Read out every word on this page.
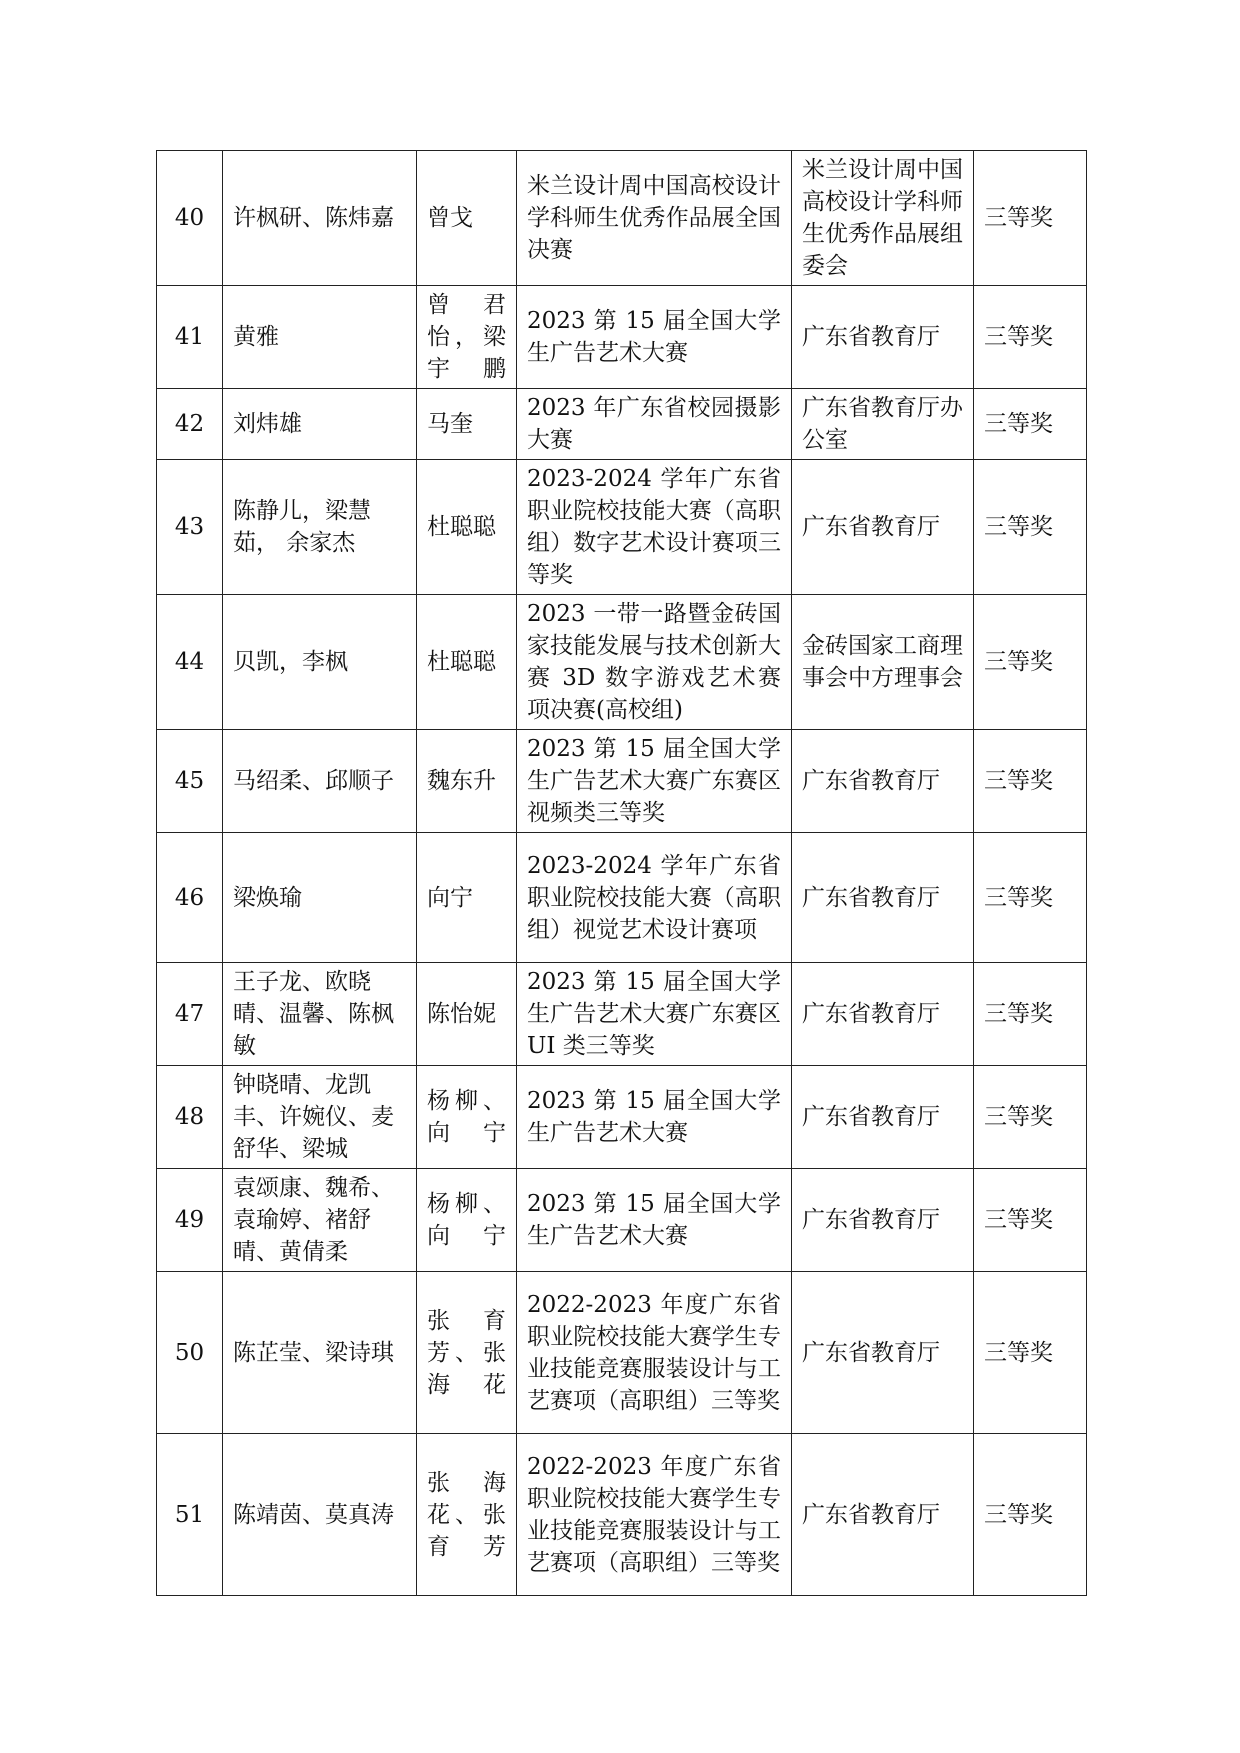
40	许枫研、陈炜嘉	曾戈	米兰设计周中国高校设计学科师生优秀作品展全国决赛	米兰设计周中国高校设计学科师生优秀作品展组委会	三等奖
41	黄雅	曾君怡，梁宇鹏	2023 第 15 届全国大学生广告艺术大赛	广东省教育厅	三等奖
42	刘炜雄	马奎	2023 年广东省校园摄影大赛	广东省教育厅办公室	三等奖
43	陈静儿，梁慧茹， 余家杰	杜聪聪	2023-2024 学年广东省职业院校技能大赛（高职组）数字艺术设计赛项三等奖	广东省教育厅	三等奖
44	贝凯，李枫	杜聪聪	2023 一带一路暨金砖国家技能发展与技术创新大赛 3D 数字游戏艺术赛项决赛(高校组)	金砖国家工商理事会中方理事会	三等奖
45	马绍柔、邱顺子	魏东升	2023 第 15 届全国大学生广告艺术大赛广东赛区视频类三等奖	广东省教育厅	三等奖
46	梁焕瑜	向宁	2023-2024 学年广东省职业院校技能大赛（高职组）视觉艺术设计赛项	广东省教育厅	三等奖
47	王子龙、欧晓晴、温馨、陈枫敏	陈怡妮	2023 第 15 届全国大学生广告艺术大赛广东赛区 UI 类三等奖	广东省教育厅	三等奖
48	钟晓晴、龙凯丰、许婉仪、麦舒华、梁城	杨柳、向宁	2023 第 15 届全国大学生广告艺术大赛	广东省教育厅	三等奖
49	袁颂康、魏希、袁瑜婷、褚舒晴、黄倩柔	杨柳、向宁	2023 第 15 届全国大学生广告艺术大赛	广东省教育厅	三等奖
50	陈芷莹、梁诗琪	张育芳、张海花	2022-2023 年度广东省职业院校技能大赛学生专业技能竞赛服装设计与工艺赛项（高职组）三等奖	广东省教育厅	三等奖
51	陈靖茵、莫真涛	张海花、张育芳	2022-2023 年度广东省职业院校技能大赛学生专业技能竞赛服装设计与工艺赛项（高职组）三等奖	广东省教育厅	三等奖
